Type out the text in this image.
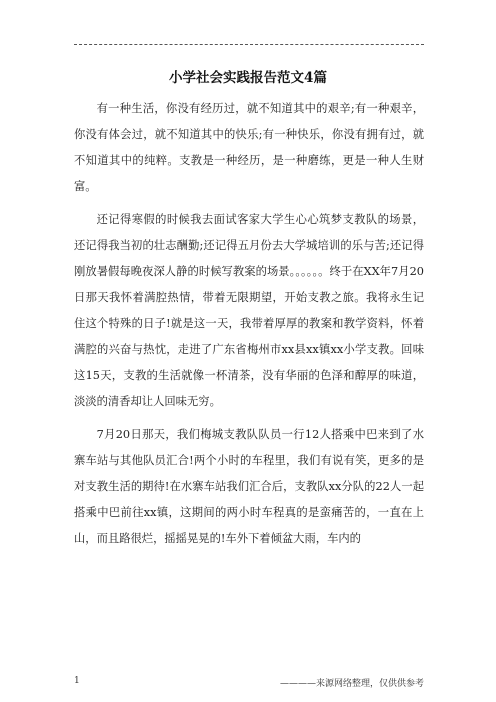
小学社会实践报告范文4篇

有一种生活，你没有经历过，就不知道其中的艰辛;有一种艰辛，你没有体会过，就不知道其中的快乐;有一种快乐，你没有拥有过，就不知道其中的纯粹。支教是一种经历，是一种磨练，更是一种人生财富。

还记得寒假的时候我去面试客家大学生心心筑梦支教队的场景，还记得我当初的壮志酬勤;还记得五月份去大学城培训的乐与苦;还记得刚放暑假每晚夜深人静的时候写教案的场景。。。。。。终于在XX年7月20日那天我怀着满腔热情，带着无限期望，开始支教之旅。我将永生记住这个特殊的日子!就是这一天，我带着厚厚的教案和教学资料，怀着满腔的兴奋与热忱，走进了广东省梅州市xx县xx镇xx小学支教。回味这15天，支教的生活就像一杯清茶，没有华丽的色泽和醇厚的味道，淡淡的清香却让人回味无穷。

7月20日那天，我们梅城支教队队员一行12人搭乘中巴来到了水寨车站与其他队员汇合!两个小时的车程里，我们有说有笑，更多的是对支教生活的期待!在水寨车站我们汇合后，支教队xx分队的22人一起搭乘中巴前往xx镇，这期间的两小时车程真的是蛮痛苦的，一直在上山，而且路很烂，摇摇晃晃的!车外下着倾盆大雨，车内的

1	————来源网络整理，仅供供参考
